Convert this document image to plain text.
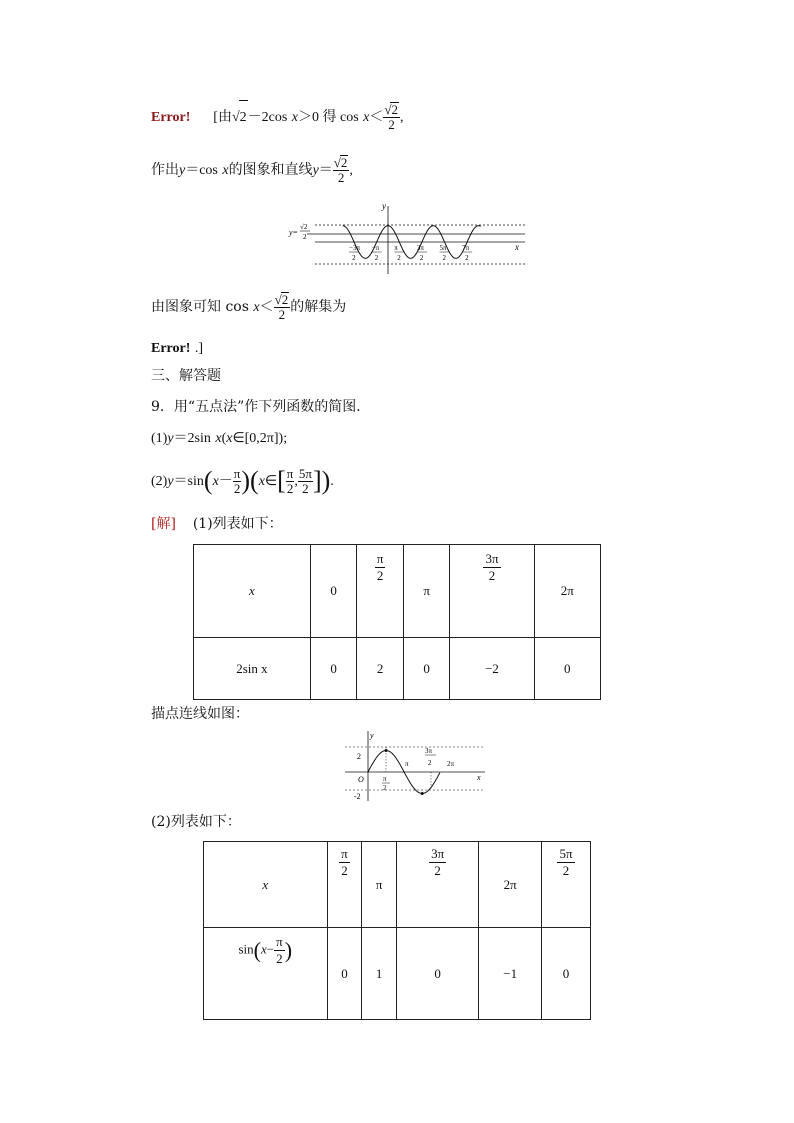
Error! [由√2－2cos x＞0 得 $\cos x< \frac{√2}{2}$ ,
作出y＝cos x的图象和直线$y= \frac{√2}{2}$ ,
y
x
y=
√2
2
−3π
2
−π
2
π
2
3π
2
5π
2
7π
2
由图象可知 $\cos x< \frac{√2}{2}$ 的解集为
Error! .]
三、解答题
9．用“五点法”作下列函数的简图．
(1)y＝2sin x(x∈[0,2π]);
$(2)y=\sin(x- \frac{\pi}{2}$ )(x∈[ $\frac{\pi}{2}$ , $\frac{5\pi}{2}$ ]).
[解] (1)列表如下：
x	0	$\frac{\pi}{2}$	π	$\frac{3\pi}{2}$	2π
2sin x	0	2	0	−2	0
描点连线如图：
y
x
O
2
-2
π
2
π
3π
2 2π
(2)列表如下：
x	$\frac{\pi}{2}$	π	$\frac{3\pi}{2}$	2π	$\frac{5\pi}{2}$

$\sin(x- \frac{\pi}{2}$ )	0	1	0	−1	0
